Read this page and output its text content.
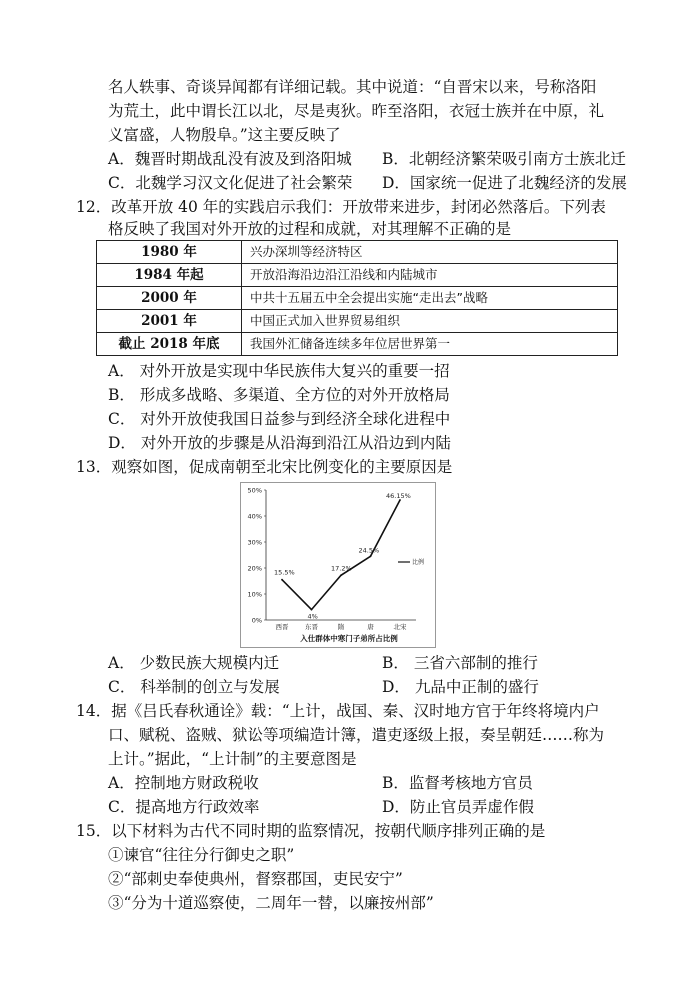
名人轶事、奇谈异闻都有详细记载。其中说道：“自晋宋以来，号称洛阳
为荒土，此中谓长江以北，尽是夷狄。昨至洛阳，衣冠士族并在中原，礼
义富盛，人物殷阜。”这主要反映了
A．魏晋时期战乱没有波及到洛阳城 B．北朝经济繁荣吸引南方士族北迁
C．北魏学习汉文化促进了社会繁荣 D．国家统一促进了北魏经济的发展
12．改革开放 40 年的实践启示我们：开放带来进步，封闭必然落后。下列表
格反映了我国对外开放的过程和成就，对其理解不正确的是
1980 年	兴办深圳等经济特区
1984 年起	开放沿海沿边沿江沿线和内陆城市
2000 年	中共十五届五中全会提出实施“走出去”战略
2001 年	中国正式加入世界贸易组织
截止 2018 年底	我国外汇储备连续多年位居世界第一
A． 对外开放是实现中华民族伟大复兴的重要一招
B． 形成多战略、多渠道、全方位的对外开放格局
C． 对外开放使我国日益参与到经济全球化进程中
D． 对外开放的步骤是从沿海到沿江从沿边到内陆
13．观察如图，促成南朝至北宋比例变化的主要原因是
0%
10%
20%
30%
40%
50%
西晋	东晋	隋	唐	北宋
入仕群体中寒门子弟所占比例
15.5%
4%
17.2%
24.5%
46.15%
比例
A． 少数民族大规模内迁	B． 三省六部制的推行
C． 科举制的创立与发展	D． 九品中正制的盛行
14．据《吕氏春秋通诠》载：“上计，战国、秦、汉时地方官于年终将境内户
口、赋税、盗贼、狱讼等项编造计簿，遣吏逐级上报，奏呈朝廷……称为
上计。”据此，“上计制”的主要意图是
A．控制地方财政税收	B．监督考核地方官员
C．提高地方行政效率	D．防止官员弄虚作假
15．以下材料为古代不同时期的监察情况，按朝代顺序排列正确的是
①谏官“往往分行御史之职”
②“部刺史奉使典州，督察郡国，吏民安宁”
③“分为十道巡察使，二周年一替，以廉按州部”
